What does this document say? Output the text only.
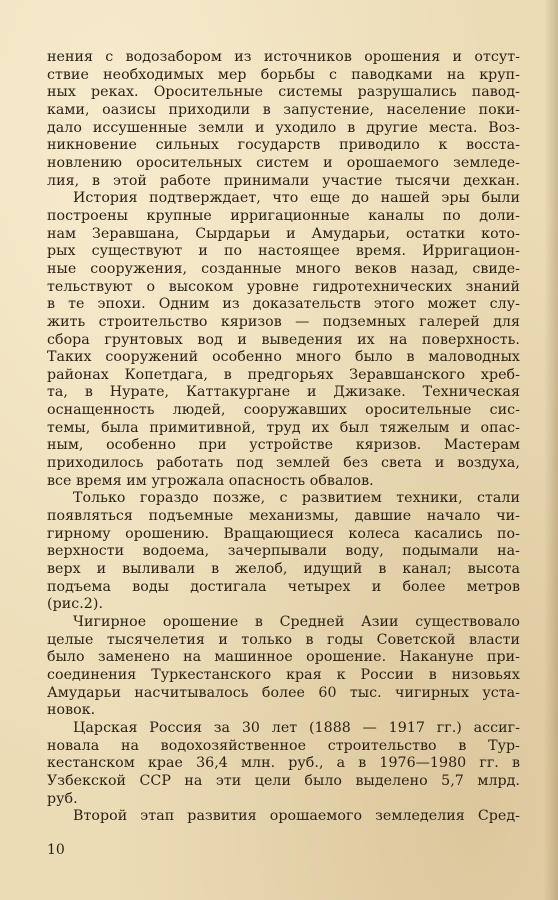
нения с водозабором из источников орошения и отсут-
ствие необходимых мер борьбы с паводками на круп-
ных реках. Оросительные системы разрушались павод-
ками, оазисы приходили в запустение, население поки-
дало иссушенные земли и уходило в другие места. Воз-
никновение сильных государств приводило к восста-
новлению оросительных систем и орошаемого земледе-
лия, в этой работе принимали участие тысячи дехкан.
История подтверждает, что еще до нашей эры были
построены крупные ирригационные каналы по доли-
нам Зеравшана, Сырдарьи и Амударьи, остатки кото-
рых существуют и по настоящее время. Ирригацион-
ные сооружения, созданные много веков назад, свиде-
тельствуют о высоком уровне гидротехнических знаний
в те эпохи. Одним из доказательств этого может слу-
жить строительство кяризов — подземных галерей для
сбора грунтовых вод и выведения их на поверхность.
Таких сооружений особенно много было в маловодных
районах Копетдага, в предгорьях Зеравшанского хреб-
та, в Нурате, Каттакургане и Джизаке. Техническая
оснащенность людей, сооружавших оросительные сис-
темы, была примитивной, труд их был тяжелым и опас-
ным, особенно при устройстве кяризов. Мастерам
приходилось работать под землей без света и воздуха,
все время им угрожала опасность обвалов.
Только гораздо позже, с развитием техники, стали
появляться подъемные механизмы, давшие начало чи-
гирному орошению. Вращающиеся колеса касались по-
верхности водоема, зачерпывали воду, подымали на-
верх и выливали в желоб, идущий в канал; высота
подъема воды достигала четырех и более метров
(рис.2).
Чигирное орошение в Средней Азии существовало
целые тысячелетия и только в годы Советской власти
было заменено на машинное орошение. Накануне при-
соединения Туркестанского края к России в низовьях
Амударьи насчитывалось более 60 тыс. чигирных уста-
новок.
Царская Россия за 30 лет (1888 — 1917 гг.) ассиг-
новала на водохозяйственное строительство в Тур-
кестанском крае 36,4 млн. руб., а в 1976—1980 гг. в
Узбекской ССР на эти цели было выделено 5,7 млрд.
руб.
Второй этап развития орошаемого земледелия Сред-
10
